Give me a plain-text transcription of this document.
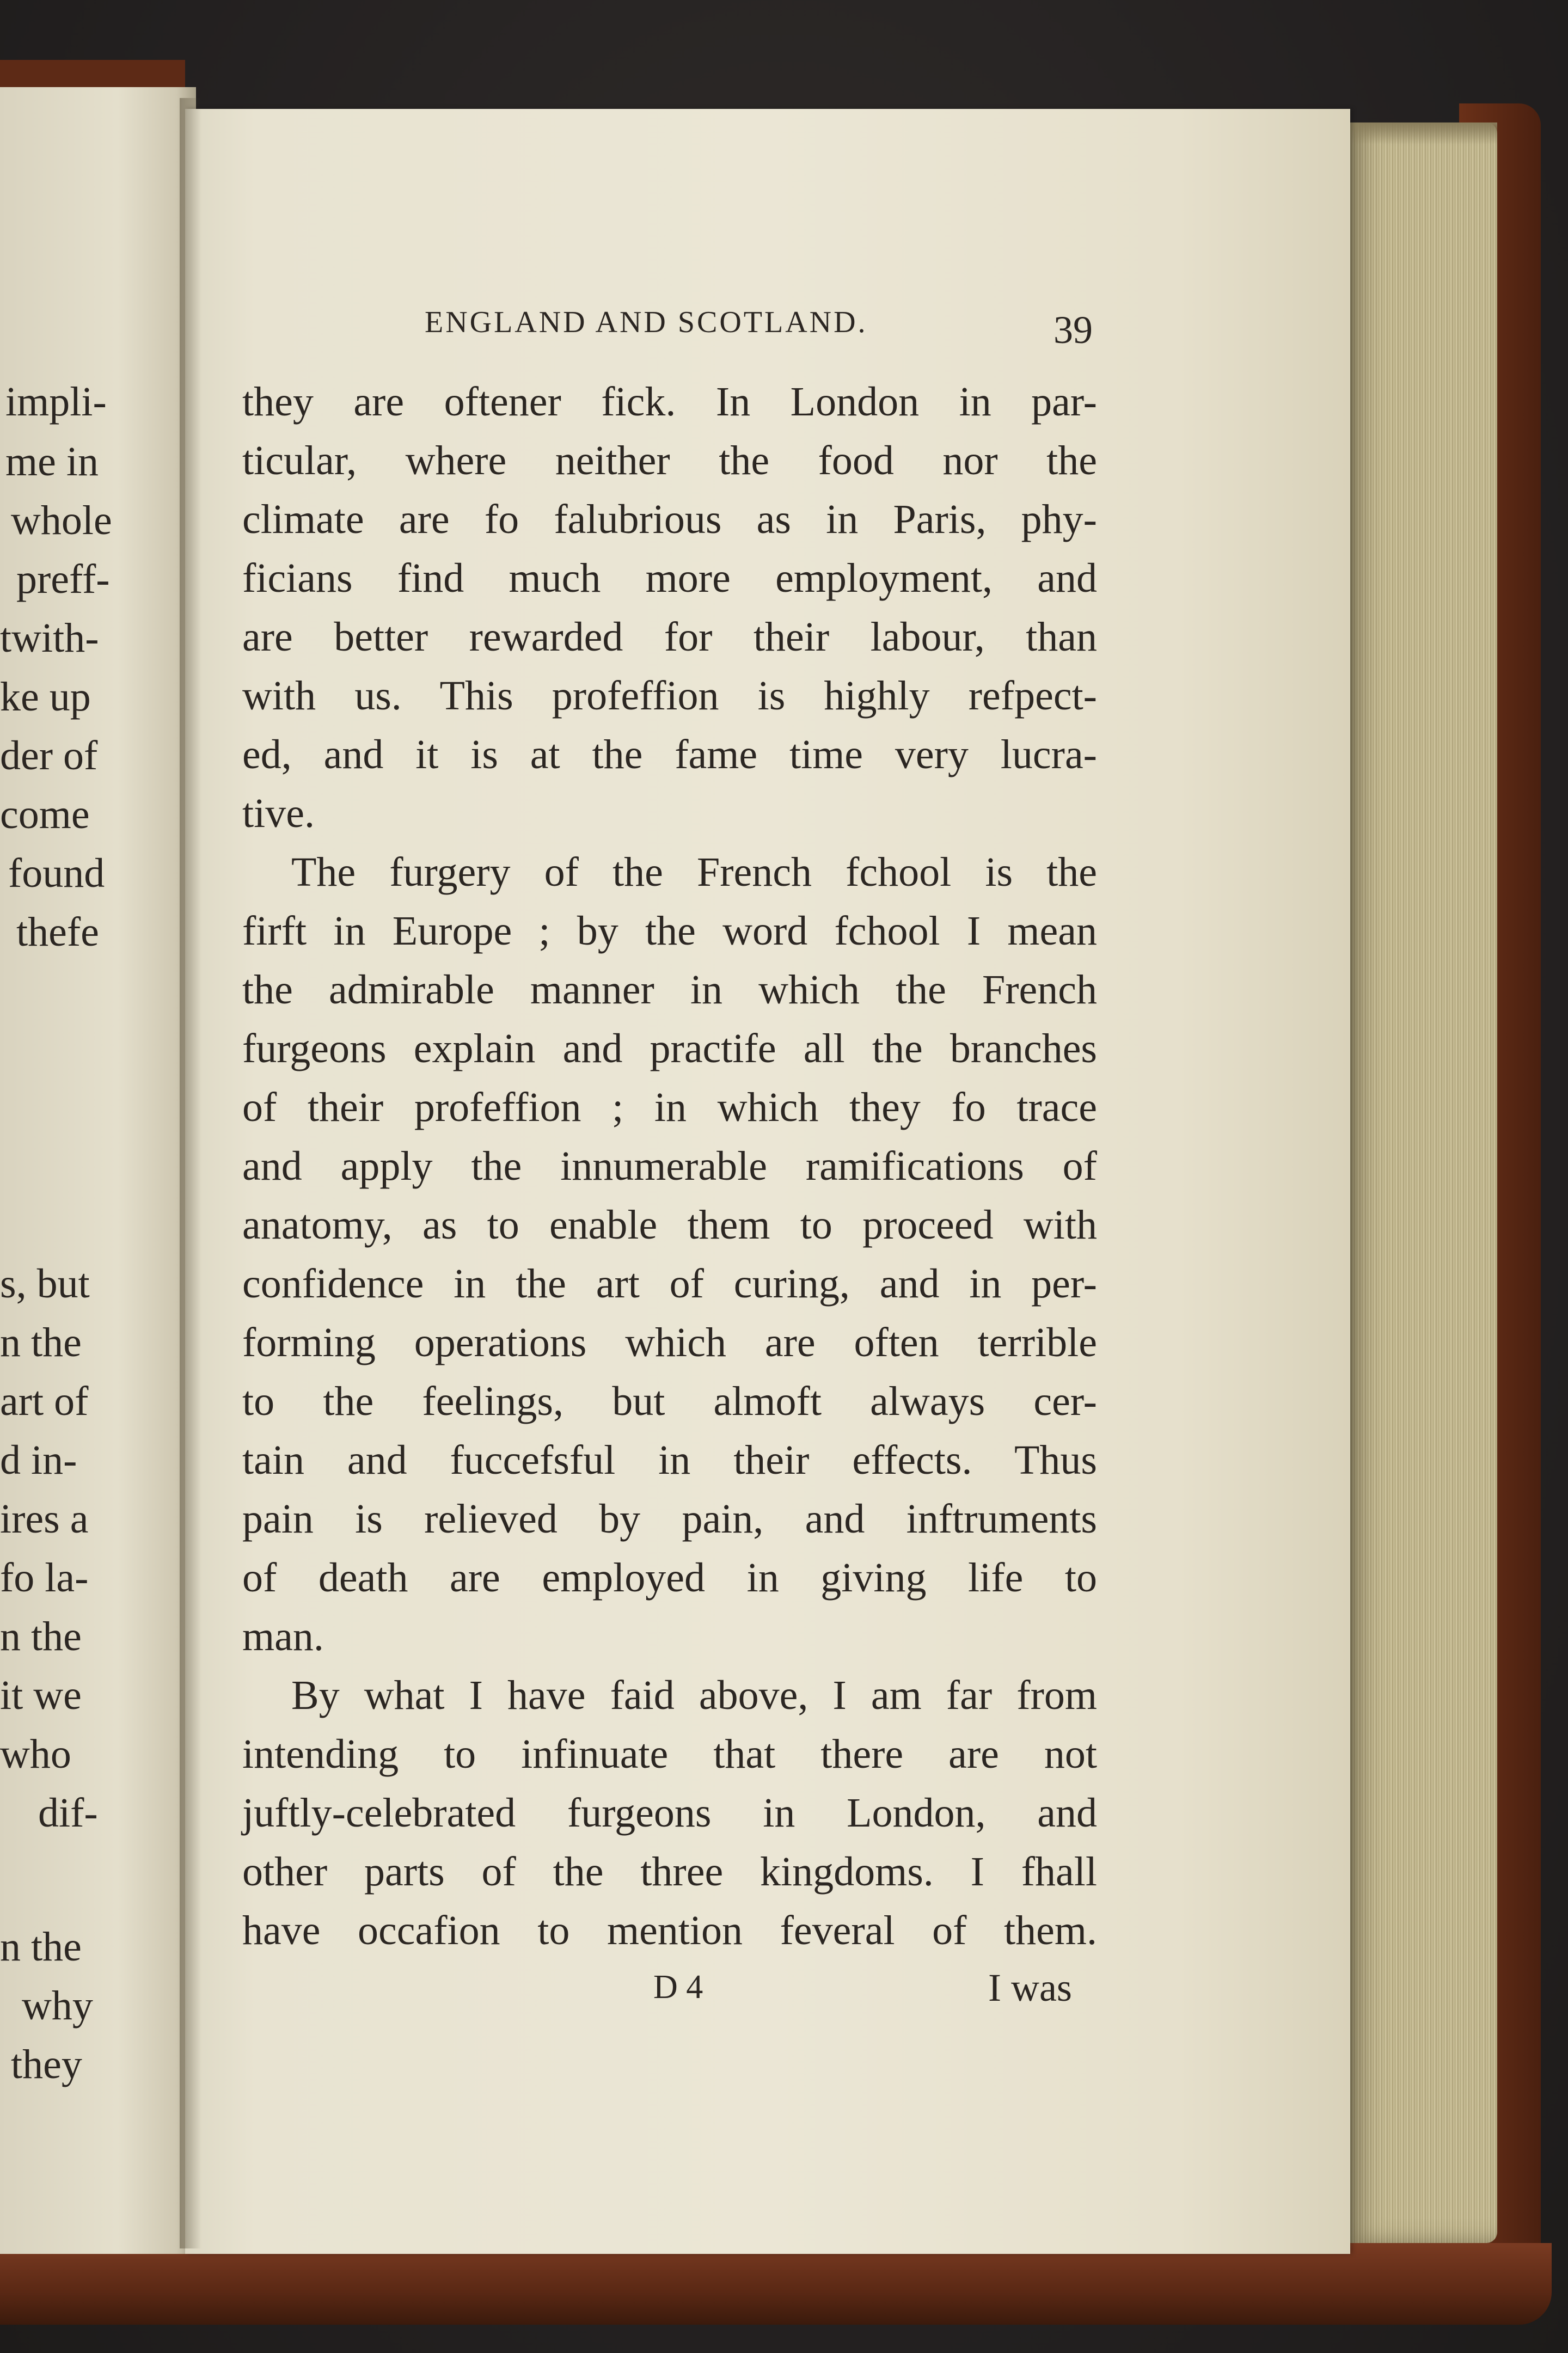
impli-
me in
whole
preff-
twith-
ke up
der of
come
found
thefe
s, but
n the
art of
d in-
ires a
fo la-
n the
it we
who
dif-
n the
why
they
ENGLAND AND SCOTLAND.	39
they are oftener fick. In London in par-
ticular, where neither the food nor the
climate are fo falubrious as in Paris, phy-
ficians find much more employment, and
are better rewarded for their labour, than
with us. This profeffion is highly refpect-
ed, and it is at the fame time very lucra-
tive.
The furgery of the French fchool is the
firft in Europe ; by the word fchool I mean
the admirable manner in which the French
furgeons explain and practife all the branches
of their profeffion ; in which they fo trace
and apply the innumerable ramifications of
anatomy, as to enable them to proceed with
confidence in the art of curing, and in per-
forming operations which are often terrible
to the feelings, but almoft always cer-
tain and fuccefsful in their effects. Thus
pain is relieved by pain, and inftruments
of death are employed in giving life to
man.
By what I have faid above, I am far from
intending to infinuate that there are not
juftly-celebrated furgeons in London, and
other parts of the three kingdoms. I fhall
have occafion to mention feveral of them.
D 4	I was
